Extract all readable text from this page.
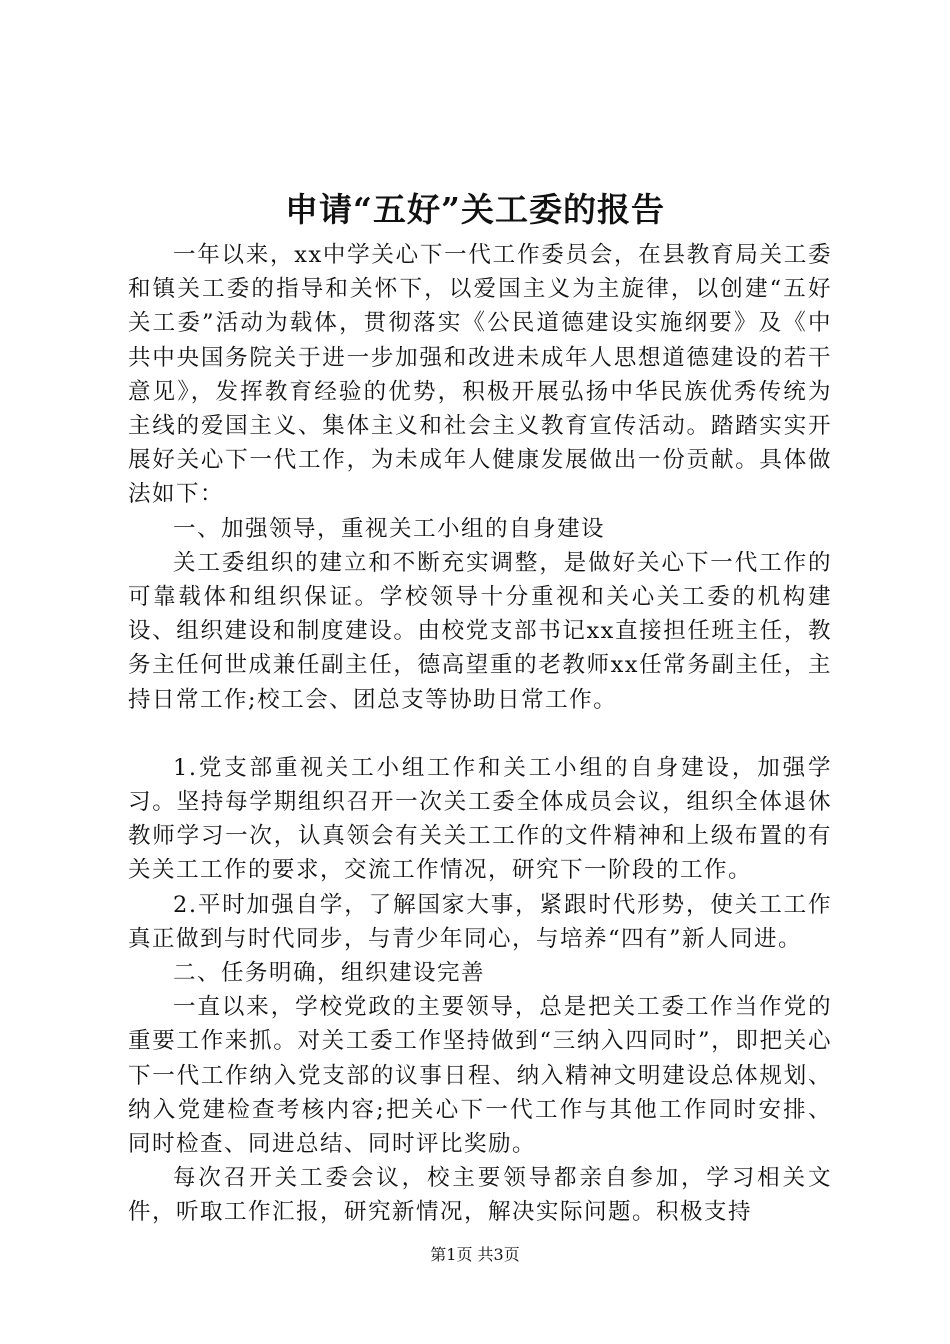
申请“五好”关工委的报告

一年以来，xx中学关心下一代工作委员会，在县教育局关工委和镇关工委的指导和关怀下，以爱国主义为主旋律，以创建“五好关工委”活动为载体，贯彻落实《公民道德建设实施纲要》及《中共中央国务院关于进一步加强和改进未成年人思想道德建设的若干意见》，发挥教育经验的优势，积极开展弘扬中华民族优秀传统为主线的爱国主义、集体主义和社会主义教育宣传活动。踏踏实实开展好关心下一代工作，为未成年人健康发展做出一份贡献。具体做法如下：

一、加强领导，重视关工小组的自身建设

关工委组织的建立和不断充实调整，是做好关心下一代工作的可靠载体和组织保证。学校领导十分重视和关心关工委的机构建设、组织建设和制度建设。由校党支部书记xx直接担任班主任，教务主任何世成兼任副主任，德高望重的老教师xx任常务副主任，主持日常工作;校工会、团总支等协助日常工作。

1.党支部重视关工小组工作和关工小组的自身建设，加强学习。坚持每学期组织召开一次关工委全体成员会议，组织全体退休教师学习一次，认真领会有关关工工作的文件精神和上级布置的有关关工工作的要求，交流工作情况，研究下一阶段的工作。

2.平时加强自学，了解国家大事，紧跟时代形势，使关工工作真正做到与时代同步，与青少年同心，与培养“四有”新人同进。

二、任务明确，组织建设完善

一直以来，学校党政的主要领导，总是把关工委工作当作党的重要工作来抓。对关工委工作坚持做到“三纳入四同时”，即把关心下一代工作纳入党支部的议事日程、纳入精神文明建设总体规划、纳入党建检查考核内容;把关心下一代工作与其他工作同时安排、同时检查、同进总结、同时评比奖励。

每次召开关工委会议，校主要领导都亲自参加，学习相关文件，听取工作汇报，研究新情况，解决实际问题。积极支持

第1页 共3页
